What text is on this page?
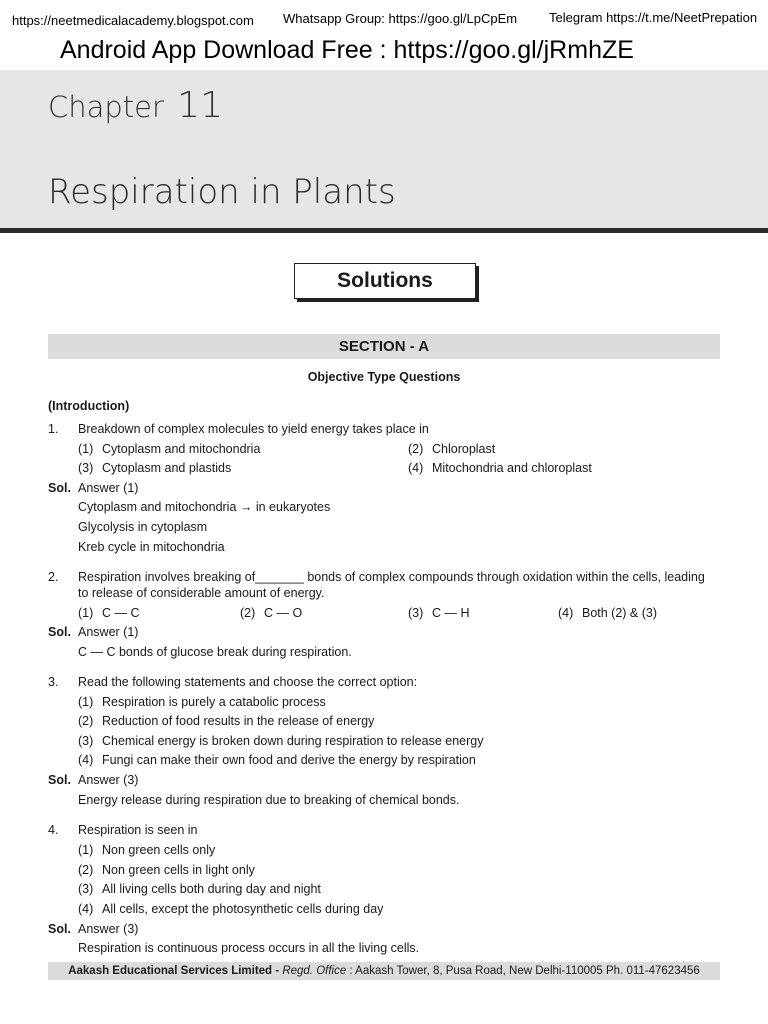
https://neetmedicalacademy.blogspot.com Whatsapp Group: https://goo.gl/LpCpEm Telegram https://t.me/NeetPrepation
Android App Download Free : https://goo.gl/jRmhZE
Chapter 11
Respiration in Plants
Solutions
SECTION - A
Objective Type Questions
(Introduction)
1. Breakdown of complex molecules to yield energy takes place in
(1) Cytoplasm and mitochondria	(2) Chloroplast
(3) Cytoplasm and plastids	(4) Mitochondria and chloroplast
Sol. Answer (1)
Cytoplasm and mitochondria → in eukaryotes
Glycolysis in cytoplasm
Kreb cycle in mitochondria
2. Respiration involves breaking of_______ bonds of complex compounds through oxidation within the cells, leading
to release of considerable amount of energy.
(1) C — C	(2) C — O	(3) C — H	(4) Both (2) & (3)
Sol. Answer (1)
C — C bonds of glucose break during respiration.
3. Read the following statements and choose the correct option:
(1) Respiration is purely a catabolic process
(2) Reduction of food results in the release of energy
(3) Chemical energy is broken down during respiration to release energy
(4) Fungi can make their own food and derive the energy by respiration
Sol. Answer (3)
Energy release during respiration due to breaking of chemical bonds.
4. Respiration is seen in
(1) Non green cells only
(2) Non green cells in light only
(3) All living cells both during day and night
(4) All cells, except the photosynthetic cells during day
Sol. Answer (3)
Respiration is continuous process occurs in all the living cells.
Aakash Educational Services Limited - Regd. Office : Aakash Tower, 8, Pusa Road, New Delhi-110005 Ph. 011-47623456
